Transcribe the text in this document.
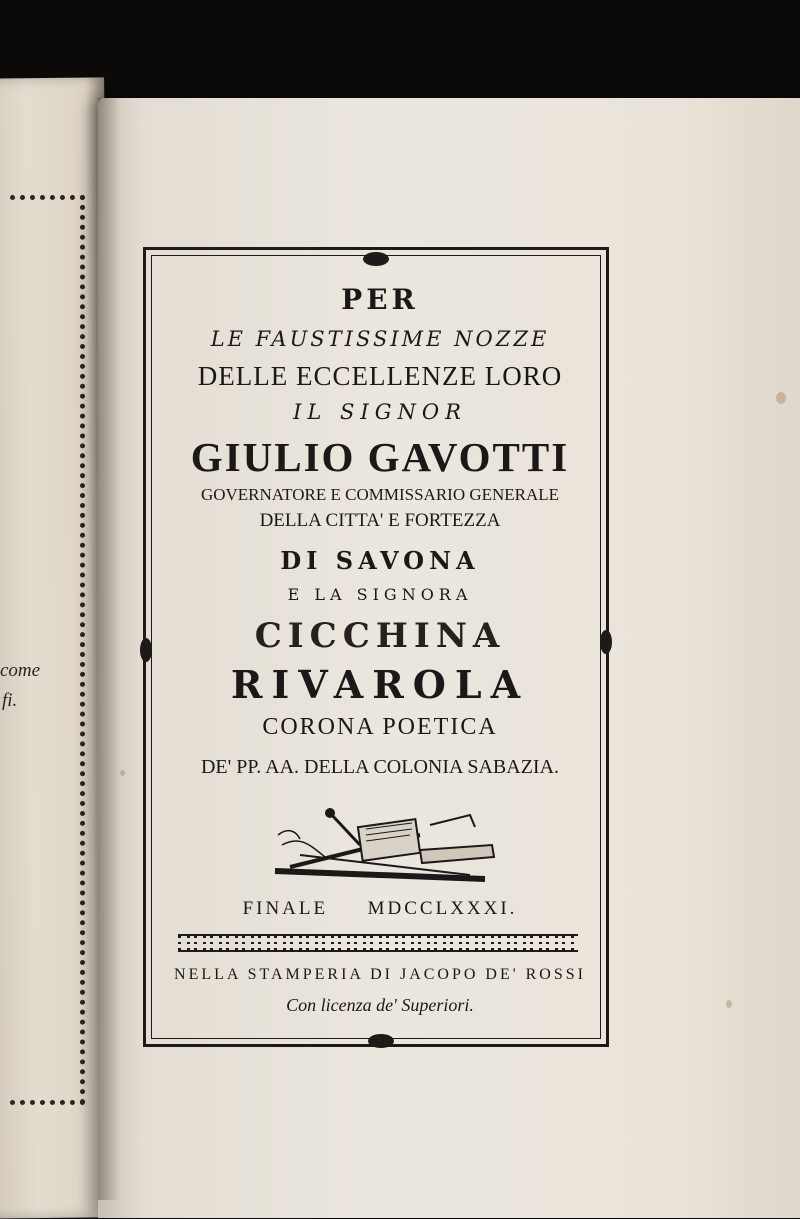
come
fi.
PER
LE FAUSTISSIME NOZZE
DELLE ECCELLENZE LORO
IL SIGNOR
GIULIO GAVOTTI
GOVERNATORE E COMMISSARIO GENERALE
DELLA CITTA' E FORTEZZA
DI SAVONA
E LA SIGNORA
CICCHINA
RIVAROLA
CORONA POETICA
DE' PP. AA. DELLA COLONIA SABAZIA.
FINALE MDCCLXXXI.
NELLA STAMPERIA DI JACOPO DE' ROSSI
Con licenza de' Superiori.
